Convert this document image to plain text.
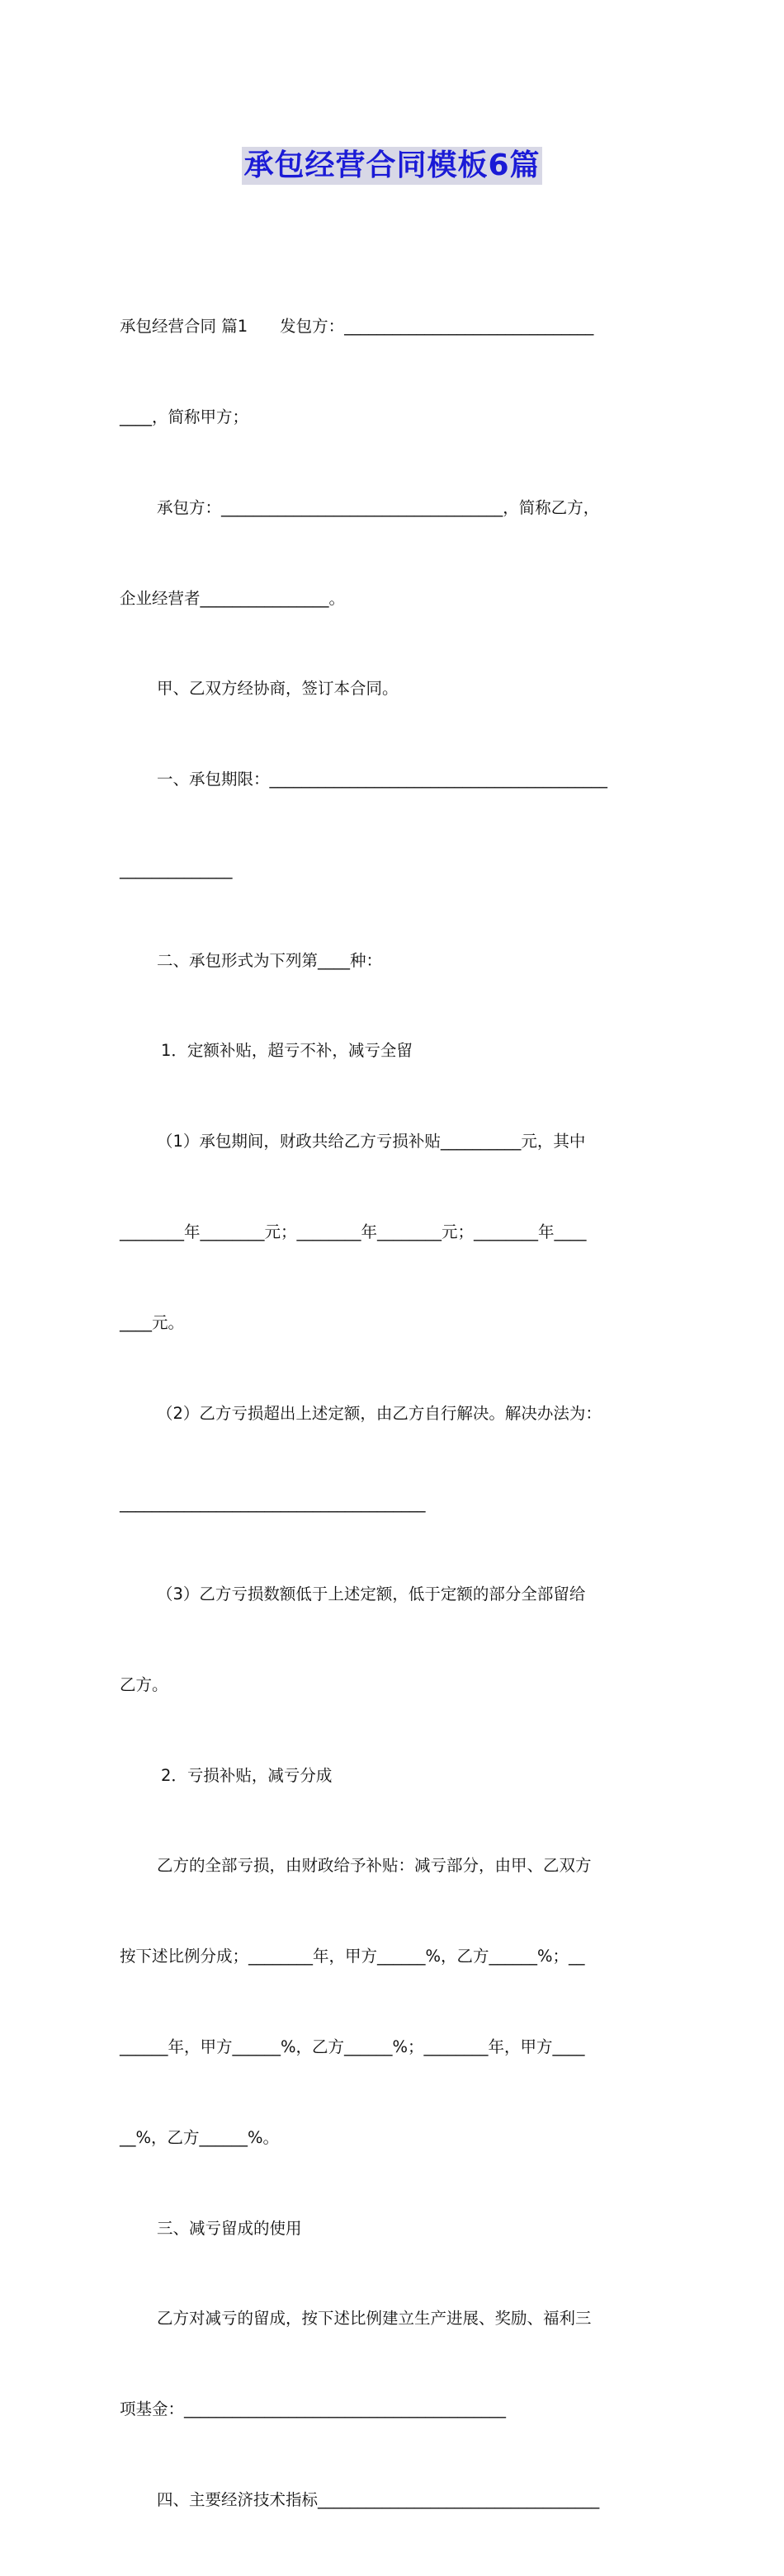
承包经营合同模板6篇

承包经营合同 篇1　　发包方：_______________________________

____，简称甲方；

承包方：___________________________________，简称乙方，

企业经营者________________。

甲、乙双方经协商，签订本合同。

一、承包期限：__________________________________________

______________

二、承包形式为下列第____种：

1．定额补贴，超亏不补，减亏全留

（1）承包期间，财政共给乙方亏损补贴__________元，其中

________年________元；________年________元；________年____

____元。

（2）乙方亏损超出上述定额，由乙方自行解决。解决办法为：

______________________________________

（3）乙方亏损数额低于上述定额，低于定额的部分全部留给

乙方。

2．亏损补贴，减亏分成

乙方的全部亏损，由财政给予补贴：减亏部分，由甲、乙双方

按下述比例分成；________年，甲方______%，乙方______%；__

______年，甲方______%，乙方______%；________年，甲方____

__%，乙方______%。

三、减亏留成的使用

乙方对减亏的留成，按下述比例建立生产进展、奖励、福利三

项基金：________________________________________

四、主要经济技术指标___________________________________
